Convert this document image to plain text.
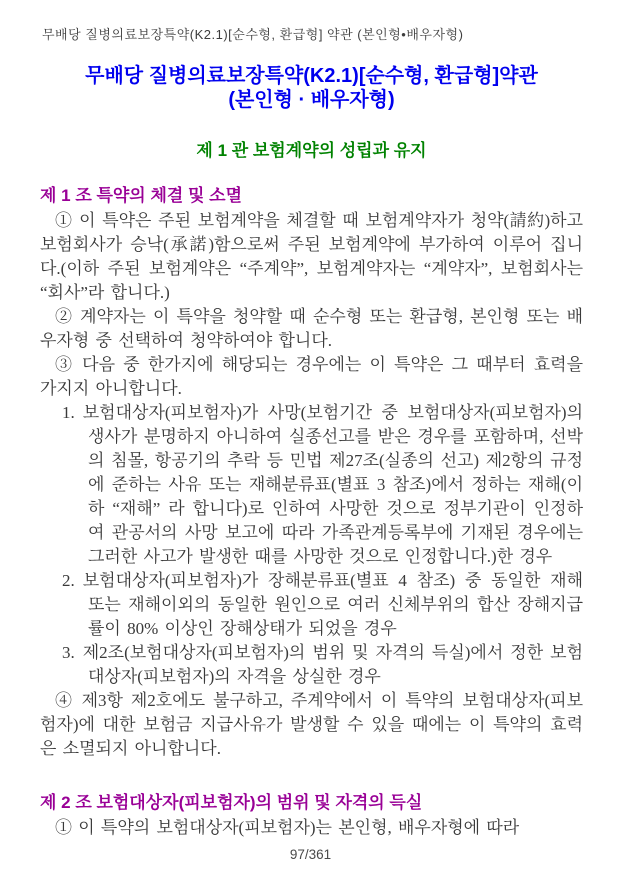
무배당 질병의료보장특약(K2.1)[순수형, 환급형] 약관 (본인형•배우자형)
무배당 질병의료보장특약(K2.1)[순수형, 환급형]약관
(본인형 · 배우자형)
제 1 관 보험계약의 성립과 유지
제 1 조 특약의 체결 및 소멸

① 이 특약은 주된 보험계약을 체결할 때 보험계약자가 청약(請約)하고 보험회사가 승낙(承諾)함으로써 주된 보험계약에 부가하여 이루어 집니다.(이하 주된 보험계약은 “주계약”, 보험계약자는 “계약자”, 보험회사는 “회사”라 합니다.)

② 계약자는 이 특약을 청약할 때 순수형 또는 환급형, 본인형 또는 배우자형 중 선택하여 청약하여야 합니다.

③ 다음 중 한가지에 해당되는 경우에는 이 특약은 그 때부터 효력을 가지지 아니합니다.

1. 보험대상자(피보험자)가 사망(보험기간 중 보험대상자(피보험자)의 생사가 분명하지 아니하여 실종선고를 받은 경우를 포함하며, 선박의 침몰, 항공기의 추락 등 민법 제27조(실종의 선고) 제2항의 규정에 준하는 사유 또는 재해분류표(별표 3 참조)에서 정하는 재해(이하 “재해” 라 합니다)로 인하여 사망한 것으로 정부기관이 인정하여 관공서의 사망 보고에 따라 가족관계등록부에 기재된 경우에는 그러한 사고가 발생한 때를 사망한 것으로 인정합니다.)한 경우
2. 보험대상자(피보험자)가 장해분류표(별표 4 참조) 중 동일한 재해 또는 재해이외의 동일한 원인으로 여러 신체부위의 합산 장해지급률이 80% 이상인 장해상태가 되었을 경우
3. 제2조(보험대상자(피보험자)의 범위 및 자격의 득실)에서 정한 보험대상자(피보험자)의 자격을 상실한 경우

④ 제3항 제2호에도 불구하고, 주계약에서 이 특약의 보험대상자(피보험자)에 대한 보험금 지급사유가 발생할 수 있을 때에는 이 특약의 효력은 소멸되지 아니합니다.

제 2 조 보험대상자(피보험자)의 범위 및 자격의 득실

① 이 특약의 보험대상자(피보험자)는 본인형, 배우자형에 따라

97/361
